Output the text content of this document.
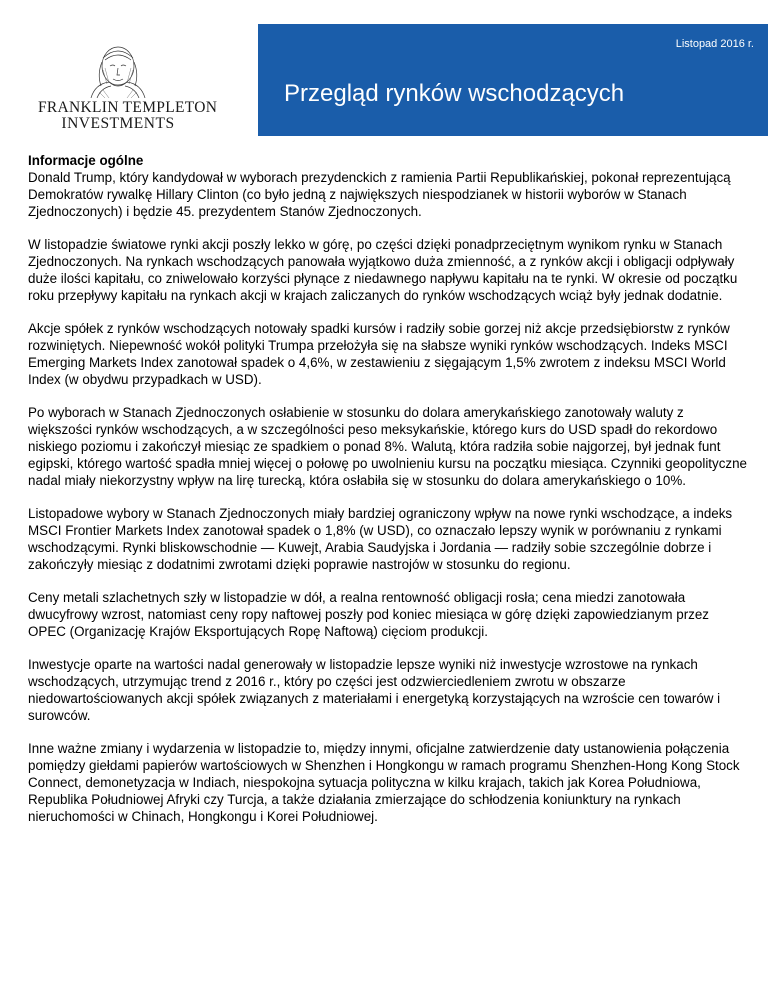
FRANKLIN TEMPLETON
INVESTMENTS
Listopad 2016 r.
Przegląd rynków wschodzących
Informacje ogólne

Donald Trump, który kandydował w wyborach prezydenckich z ramienia Partii Republikańskiej, pokonał reprezentującą Demokratów rywalkę Hillary Clinton (co było jedną z największych niespodzianek w historii wyborów w Stanach Zjednoczonych) i będzie 45. prezydentem Stanów Zjednoczonych.

W listopadzie światowe rynki akcji poszły lekko w górę, po części dzięki ponadprzeciętnym wynikom rynku w Stanach Zjednoczonych. Na rynkach wschodzących panowała wyjątkowo duża zmienność, a z rynków akcji i obligacji odpływały duże ilości kapitału, co zniwelowało korzyści płynące z niedawnego napływu kapitału na te rynki. W okresie od początku roku przepływy kapitału na rynkach akcji w krajach zaliczanych do rynków wschodzących wciąż były jednak dodatnie.

Akcje spółek z rynków wschodzących notowały spadki kursów i radziły sobie gorzej niż akcje przedsiębiorstw z rynków rozwiniętych. Niepewność wokół polityki Trumpa przełożyła się na słabsze wyniki rynków wschodzących. Indeks MSCI Emerging Markets Index zanotował spadek o 4,6%, w zestawieniu z sięgającym 1,5% zwrotem z indeksu MSCI World Index (w obydwu przypadkach w USD).

Po wyborach w Stanach Zjednoczonych osłabienie w stosunku do dolara amerykańskiego zanotowały waluty z większości rynków wschodzących, a w szczególności peso meksykańskie, którego kurs do USD spadł do rekordowo niskiego poziomu i zakończył miesiąc ze spadkiem o ponad 8%. Walutą, która radziła sobie najgorzej, był jednak funt egipski, którego wartość spadła mniej więcej o połowę po uwolnieniu kursu na początku miesiąca. Czynniki geopolityczne nadal miały niekorzystny wpływ na lirę turecką, która osłabiła się w stosunku do dolara amerykańskiego o 10%.

Listopadowe wybory w Stanach Zjednoczonych miały bardziej ograniczony wpływ na nowe rynki wschodzące, a indeks MSCI Frontier Markets Index zanotował spadek o 1,8% (w USD), co oznaczało lepszy wynik w porównaniu z rynkami wschodzącymi. Rynki bliskowschodnie — Kuwejt, Arabia Saudyjska i Jordania — radziły sobie szczególnie dobrze i zakończyły miesiąc z dodatnimi zwrotami dzięki poprawie nastrojów w stosunku do regionu.

Ceny metali szlachetnych szły w listopadzie w dół, a realna rentowność obligacji rosła; cena miedzi zanotowała dwucyfrowy wzrost, natomiast ceny ropy naftowej poszły pod koniec miesiąca w górę dzięki zapowiedzianym przez OPEC (Organizację Krajów Eksportujących Ropę Naftową) cięciom produkcji.

Inwestycje oparte na wartości nadal generowały w listopadzie lepsze wyniki niż inwestycje wzrostowe na rynkach wschodzących, utrzymując trend z 2016 r., który po części jest odzwierciedleniem zwrotu w obszarze niedowartościowanych akcji spółek związanych z materiałami i energetyką korzystających na wzroście cen towarów i surowców.

Inne ważne zmiany i wydarzenia w listopadzie to, między innymi, oficjalne zatwierdzenie daty ustanowienia połączenia pomiędzy giełdami papierów wartościowych w Shenzhen i Hongkongu w ramach programu Shenzhen-Hong Kong Stock Connect, demonetyzacja w Indiach, niespokojna sytuacja polityczna w kilku krajach, takich jak Korea Południowa, Republika Południowej Afryki czy Turcja, a także działania zmierzające do schłodzenia koniunktury na rynkach nieruchomości w Chinach, Hongkongu i Korei Południowej.
